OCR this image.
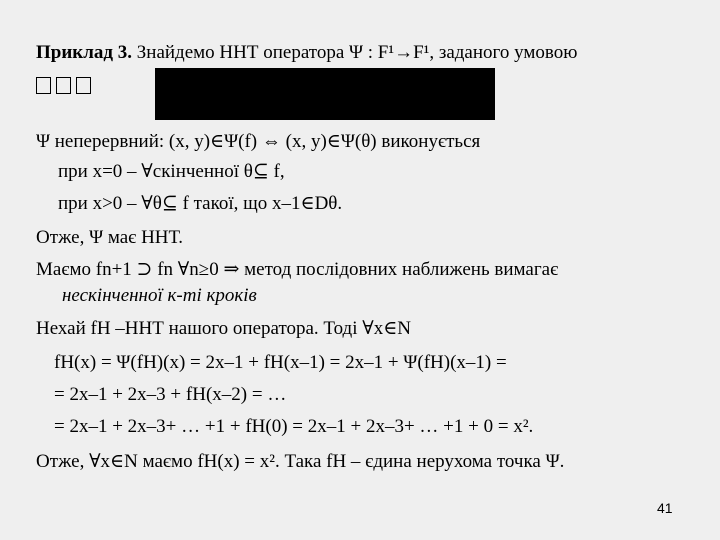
Приклад 3. Знайдемо ННТ оператора Ψ : F¹→F¹, заданого умовою
Ψ неперервний: (x, y)∈Ψ(f) ⇔ (x, y)∈Ψ(θ) виконується
при x=0 – ∀скінченної θ⊆ f,
при x>0 – ∀θ⊆ f такої, що x–1∈Dθ.
Отже, Ψ має ННТ.
Маємо fn+1 ⊃ fn ∀n≥0 ⇒ метод послідовних наближень вимагає
нескінченної к-ті кроків
Нехай fH –ННТ нашого оператора. Тоді ∀x∈N
fH(x) = Ψ(fH)(x) = 2x–1 + fH(x–1) = 2x–1 + Ψ(fH)(x–1) =
= 2x–1 + 2x–3 + fH(x–2) = …
= 2x–1 + 2x–3+ … +1 + fH(0) = 2x–1 + 2x–3+ … +1 + 0 = x².
Отже, ∀x∈N маємо fH(x) = x². Така fH – єдина нерухома точка Ψ.
41
